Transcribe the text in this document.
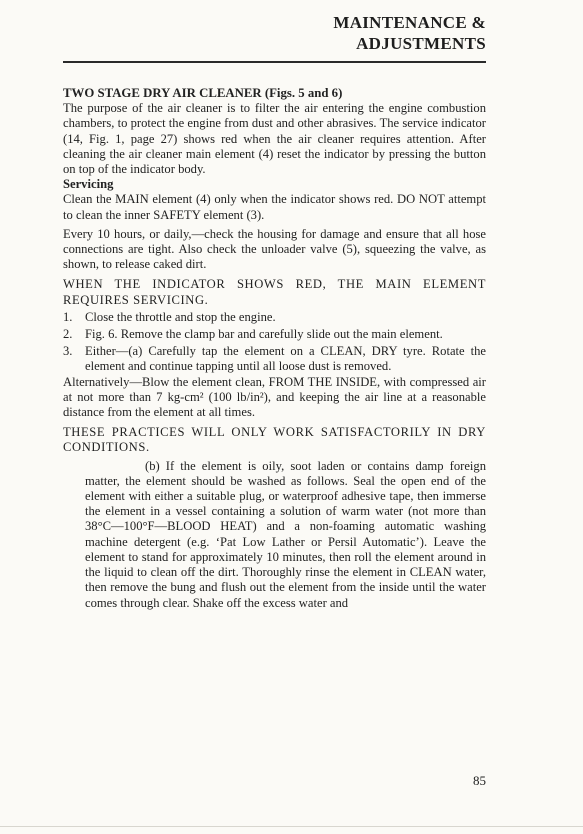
MAINTENANCE &
ADJUSTMENTS

TWO STAGE DRY AIR CLEANER (Figs. 5 and 6)

The purpose of the air cleaner is to filter the air entering the engine combustion chambers, to protect the engine from dust and other abrasives. The service indicator (14, Fig. 1, page 27) shows red when the air cleaner requires attention. After cleaning the air cleaner main element (4) reset the indicator by pressing the button on top of the indicator body.

Servicing

Clean the MAIN element (4) only when the indicator shows red. DO NOT attempt to clean the inner SAFETY element (3).

Every 10 hours, or daily,—check the housing for damage and ensure that all hose connections are tight. Also check the unloader valve (5), squeezing the valve, as shown, to release caked dirt.

WHEN THE INDICATOR SHOWS RED, THE MAIN ELEMENT REQUIRES SERVICING.

1. Close the throttle and stop the engine.
2. Fig. 6. Remove the clamp bar and carefully slide out the main element.
3. Either—(a) Carefully tap the element on a CLEAN, DRY tyre. Rotate the element and continue tapping until all loose dust is removed.

Alternatively—Blow the element clean, FROM THE INSIDE, with compressed air at not more than 7 kg-cm² (100 lb/in²), and keeping the air line at a reasonable distance from the element at all times.

THESE PRACTICES WILL ONLY WORK SATISFACTORILY IN DRY CONDITIONS.

(b) If the element is oily, soot laden or contains damp foreign matter, the element should be washed as follows. Seal the open end of the element with either a suitable plug, or waterproof adhesive tape, then immerse the element in a vessel containing a solution of warm water (not more than 38°C—100°F—BLOOD HEAT) and a non-foaming automatic washing machine detergent (e.g. ‘Pat Low Lather or Persil Automatic’). Leave the element to stand for approximately 10 minutes, then roll the element around in the liquid to clean off the dirt. Thoroughly rinse the element in CLEAN water, then remove the bung and flush out the element from the inside until the water comes through clear. Shake off the excess water and

85
